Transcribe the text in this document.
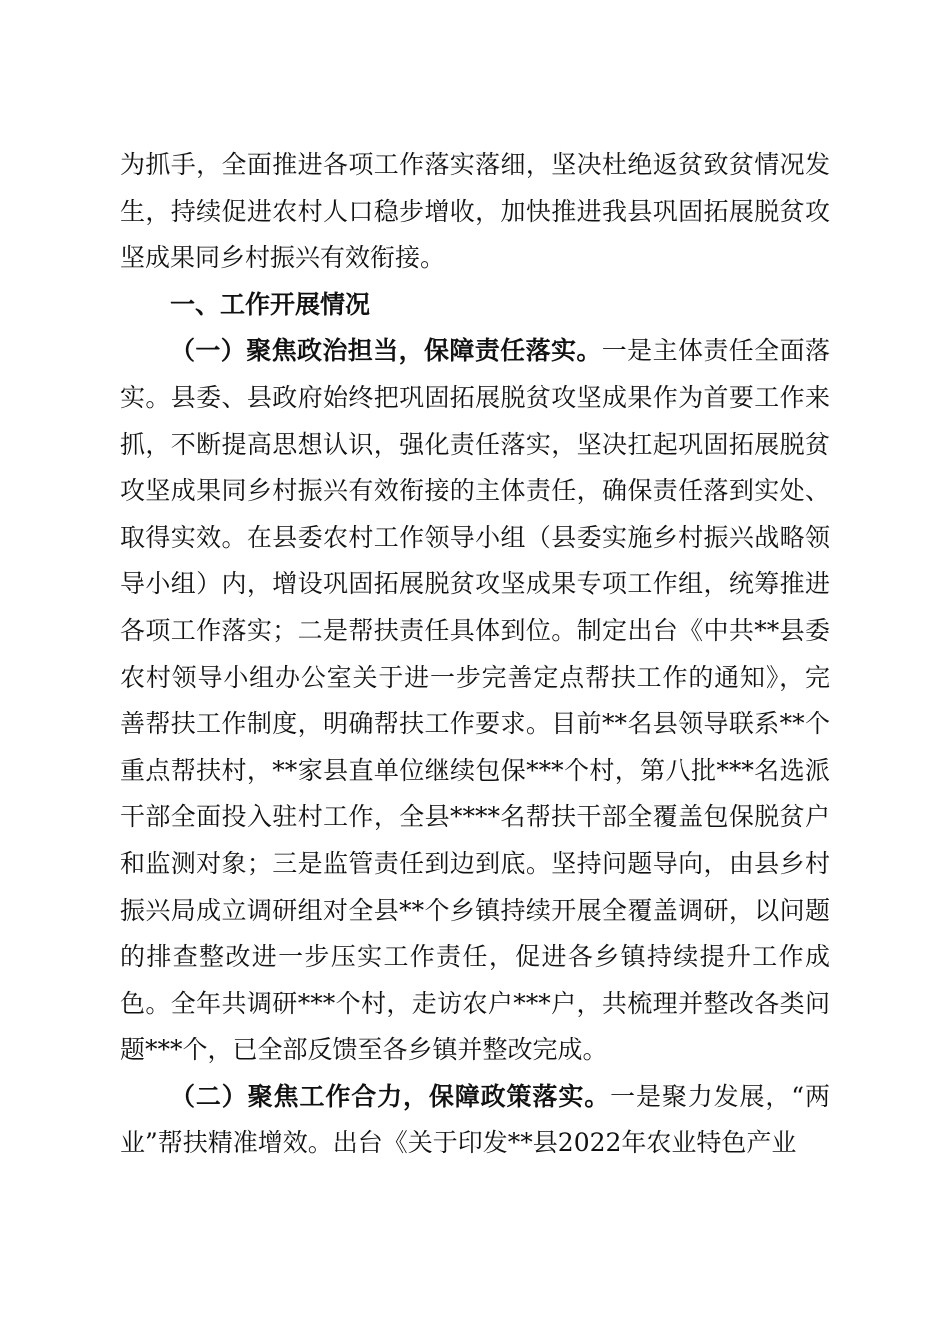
为抓手，全面推进各项工作落实落细，坚决杜绝返贫致贫情况发生，持续促进农村人口稳步增收，加快推进我县巩固拓展脱贫攻坚成果同乡村振兴有效衔接。

一、工作开展情况

（一）聚焦政治担当，保障责任落实。一是主体责任全面落实。县委、县政府始终把巩固拓展脱贫攻坚成果作为首要工作来抓，不断提高思想认识，强化责任落实，坚决扛起巩固拓展脱贫攻坚成果同乡村振兴有效衔接的主体责任，确保责任落到实处、取得实效。在县委农村工作领导小组（县委实施乡村振兴战略领导小组）内，增设巩固拓展脱贫攻坚成果专项工作组，统筹推进各项工作落实；二是帮扶责任具体到位。制定出台《中共**县委农村领导小组办公室关于进一步完善定点帮扶工作的通知》，完善帮扶工作制度，明确帮扶工作要求。目前**名县领导联系**个重点帮扶村，**家县直单位继续包保***个村，第八批***名选派干部全面投入驻村工作，全县****名帮扶干部全覆盖包保脱贫户和监测对象；三是监管责任到边到底。坚持问题导向，由县乡村振兴局成立调研组对全县**个乡镇持续开展全覆盖调研，以问题的排查整改进一步压实工作责任，促进各乡镇持续提升工作成色。全年共调研***个村，走访农户***户，共梳理并整改各类问题***个，已全部反馈至各乡镇并整改完成。

（二）聚焦工作合力，保障政策落实。一是聚力发展，“两业”帮扶精准增效。出台《关于印发**县2022年农业特色产业
